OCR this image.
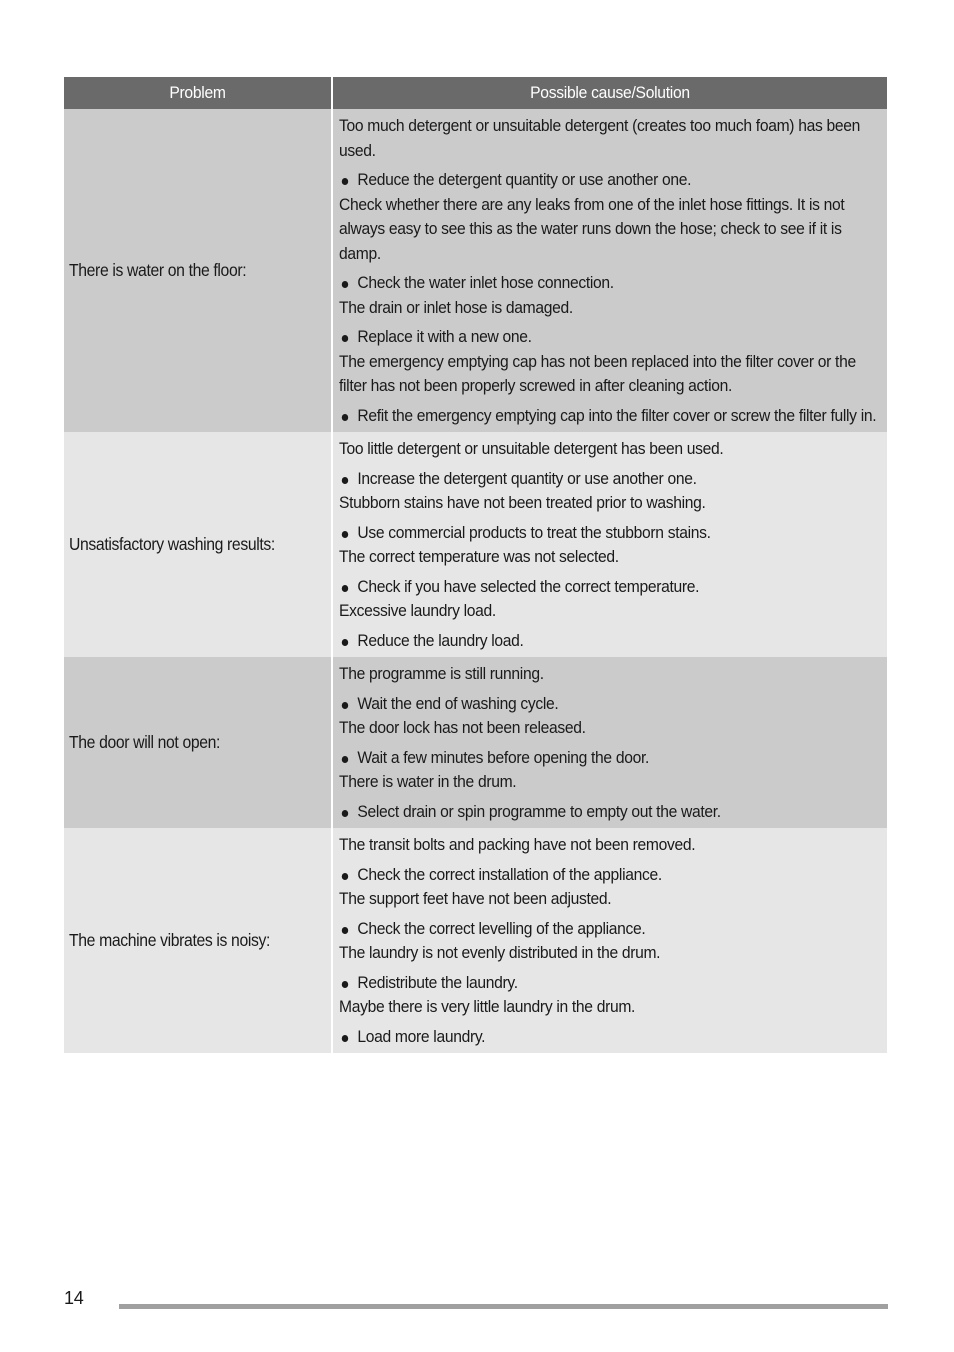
Problem	Possible cause/Solution
There is water on the floor:

Too much detergent or unsuitable detergent (creates too much foam) has been used.

Reduce the detergent quantity or use another one.

Check whether there are any leaks from one of the inlet hose fittings. It is not always easy to see this as the water runs down the hose; check to see if it is damp.

Check the water inlet hose connection.

The drain or inlet hose is damaged.

Replace it with a new one.

The emergency emptying cap has not been replaced into the filter cover or the filter has not been properly screwed in after cleaning action.

Refit the emergency emptying cap into the filter cover or screw the filter fully in.

Unsatisfactory washing results:

Too little detergent or unsuitable detergent has been used.

Increase the detergent quantity or use another one.

Stubborn stains have not been treated prior to washing.

Use commercial products to treat the stubborn stains.

The correct temperature was not selected.

Check if you have selected the correct temperature.

Excessive laundry load.

Reduce the laundry load.

The door will not open:

The programme is still running.

Wait the end of washing cycle.

The door lock has not been released.

Wait a few minutes before opening the door.

There is water in the drum.

Select drain or spin programme to empty out the water.

The machine vibrates is noisy:

The transit bolts and packing have not been removed.

Check the correct installation of the appliance.

The support feet have not been adjusted.

Check the correct levelling of the appliance.

The laundry is not evenly distributed in the drum.

Redistribute the laundry.

Maybe there is very little laundry in the drum.

Load more laundry.

14
